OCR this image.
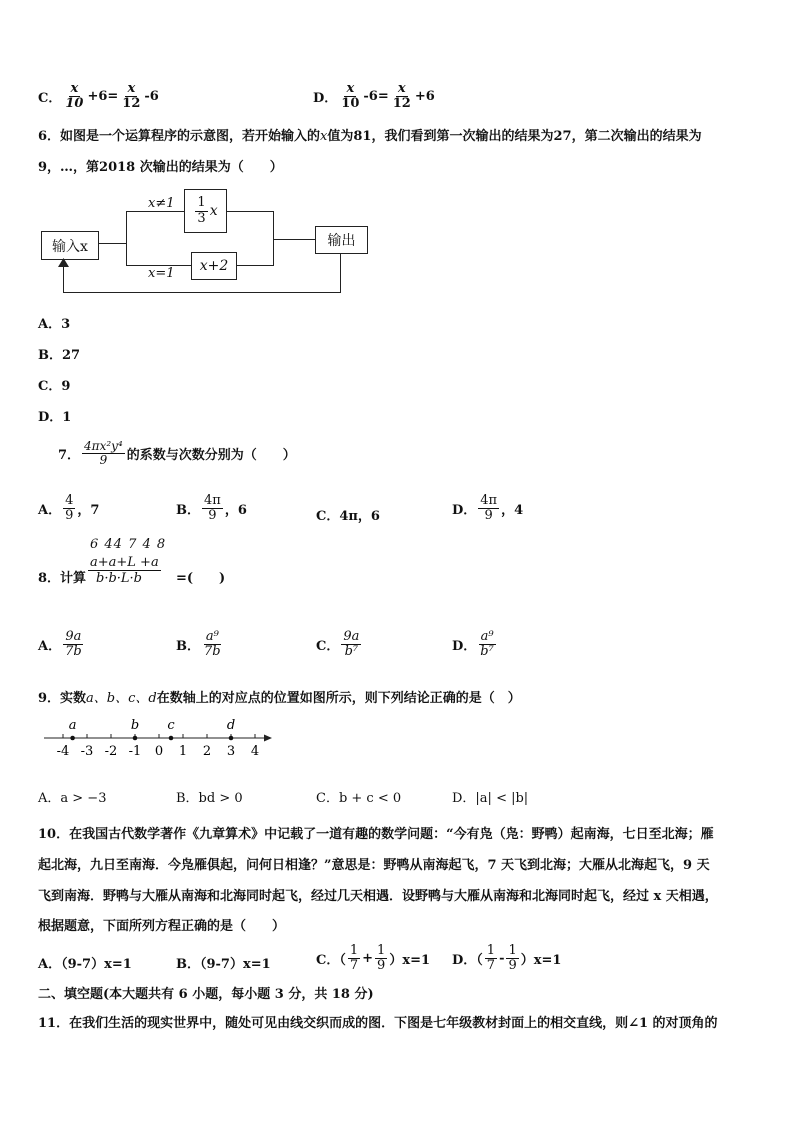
C． $\frac{x}{10} +6= \frac{x}{12} -6$	D． $\frac{x}{10} -6= \frac{x}{12} +6$
6．如图是一个运算程序的示意图，若开始输入的x值为81，我们看到第一次输出的结果为27，第二次输出的结果为
9，…，第2018 次输出的结果为（　　）
输入x
x≠1
x=1
$\frac{1}{3}$ x
x+2
输出
A．3
B．27
C．9
D．1
7． $\frac{\text{4πx²y⁴}}{9}$ 的系数与次数分别为（　　）
A． $\frac{4}{9}$ ，7	B． $\frac{4\pi}{9}$ ，6	C．4π，6	D． $\frac{4\pi}{9}$ ，4
6 44 7 4 8
8．计算
a+a+L +a
b·b·L·b	=(　　)
A． $\frac{9a}{7b}$	B． $\frac{\text{a⁹}}{7b}$	C． $\frac{9a}{\text{b⁷}}$	D． $\frac{\text{a⁹}}{\text{b⁷}}$
9．实数a、b、c、d在数轴上的对应点的位置如图所示，则下列结论正确的是（　）
-4 -3 -2 -1 0 1 2 3 4
a	b c	d
A．a > −3	B．bd > 0	C．b + c < 0	D．|a| < |b|
10．在我国古代数学著作《九章算术》中记载了一道有趣的数学问题：“今有凫（凫：野鸭）起南海，七日至北海；雁
起北海，九日至南海．今凫雁俱起，问何日相逢？”意思是：野鸭从南海起飞，7 天飞到北海；大雁从北海起飞，9 天
飞到南海．野鸭与大雁从南海和北海同时起飞，经过几天相遇．设野鸭与大雁从南海和北海同时起飞，经过 x 天相遇，
根据题意，下面所列方程正确的是（　　）
A．（9-7）x=1	B．（9-7）x=1	C．（ $\frac{1}{7} + \frac{1}{9} )x=1$ D．（ $\frac{1}{7} - \frac{1}{9} )x=1$
二、填空题(本大题共有 6 小题，每小题 3 分，共 18 分)
11．在我们生活的现实世界中，随处可见由线交织而成的图．下图是七年级教材封面上的相交直线，则∠1 的对顶角的
